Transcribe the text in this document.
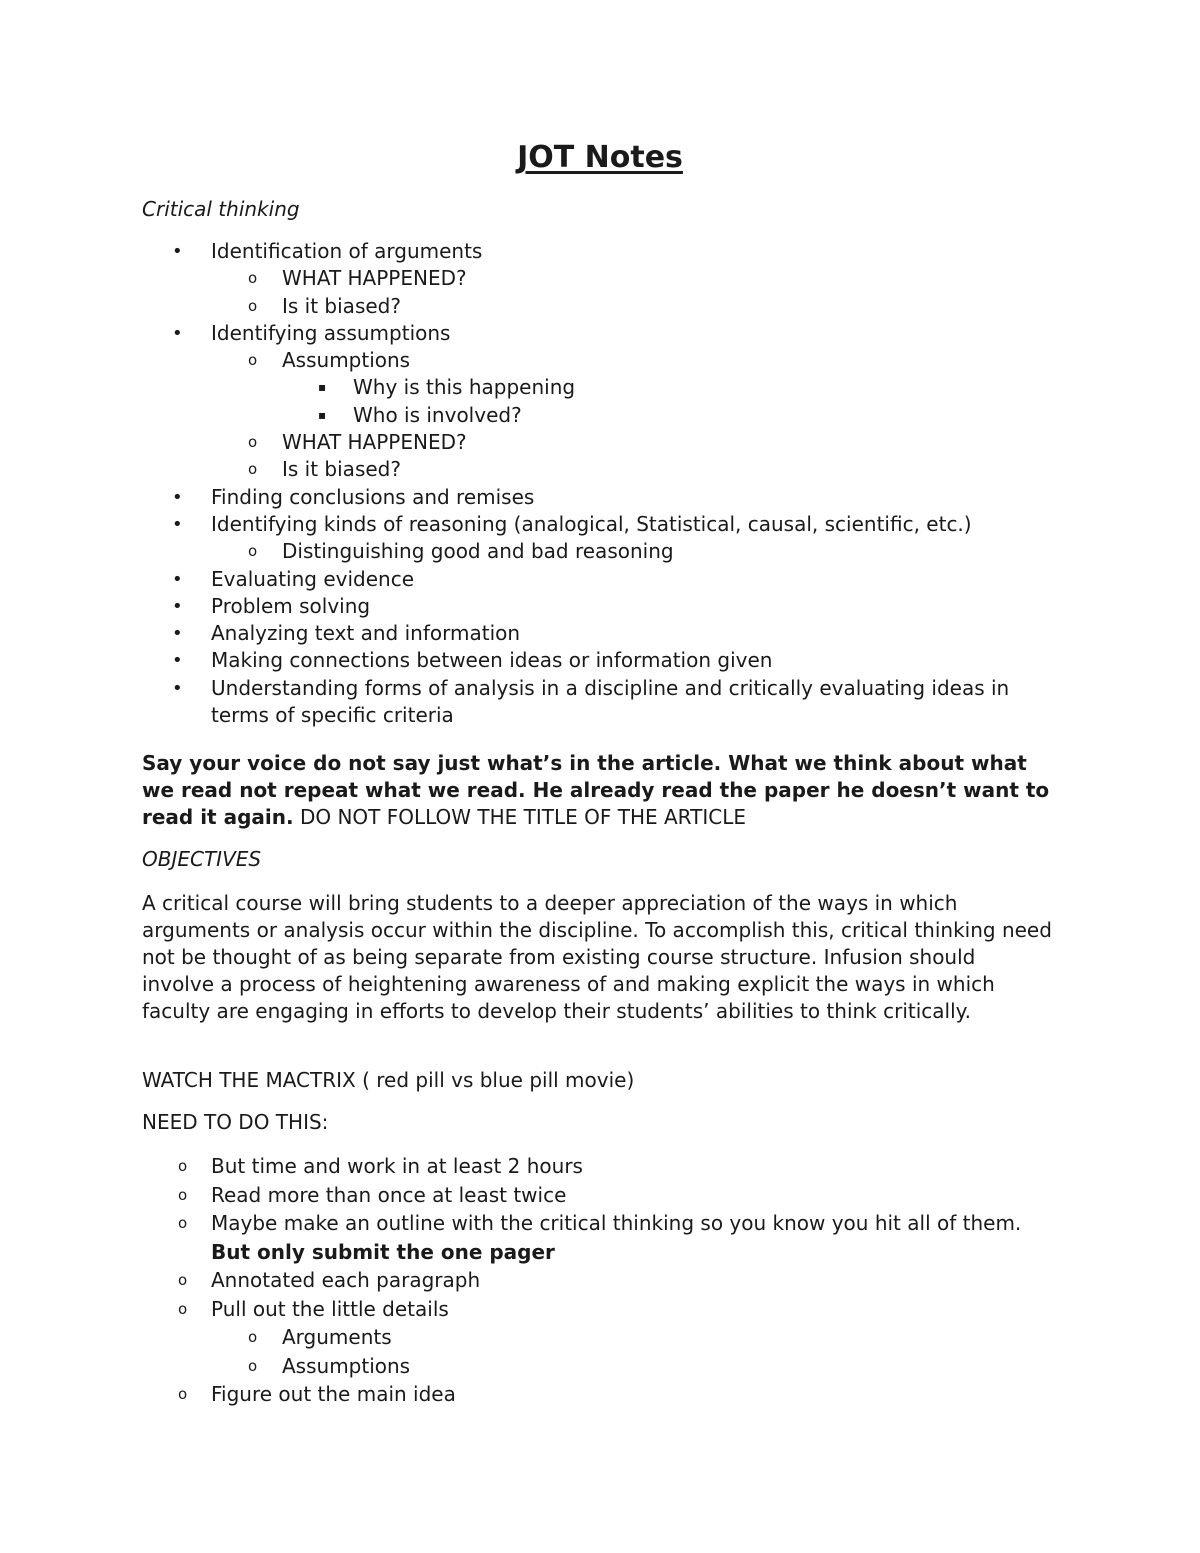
JOT Notes
Critical thinking
• Identification of arguments
o WHAT HAPPENED?
o Is it biased?
• Identifying assumptions
o Assumptions
▪ Why is this happening
▪ Who is involved?
o WHAT HAPPENED?
o Is it biased?
• Finding conclusions and remises
• Identifying kinds of reasoning (analogical, Statistical, causal, scientific, etc.)
o Distinguishing good and bad reasoning
• Evaluating evidence
• Problem solving
• Analyzing text and information
• Making connections between ideas or information given
• Understanding forms of analysis in a discipline and critically evaluating ideas in terms of specific criteria
Say your voice do not say just what’s in the article. What we think about what we read not repeat what we read. He already read the paper he doesn’t want to read it again. DO NOT FOLLOW THE TITLE OF THE ARTICLE
OBJECTIVES
A critical course will bring students to a deeper appreciation of the ways in which arguments or analysis occur within the discipline. To accomplish this, critical thinking need not be thought of as being separate from existing course structure. Infusion should involve a process of heightening awareness of and making explicit the ways in which faculty are engaging in efforts to develop their students’ abilities to think critically.
WATCH THE MACTRIX ( red pill vs blue pill movie)
NEED TO DO THIS:
o But time and work in at least 2 hours
o Read more than once at least twice
o Maybe make an outline with the critical thinking so you know you hit all of them. But only submit the one pager
o Annotated each paragraph
o Pull out the little details
o Arguments
o Assumptions
o Figure out the main idea
